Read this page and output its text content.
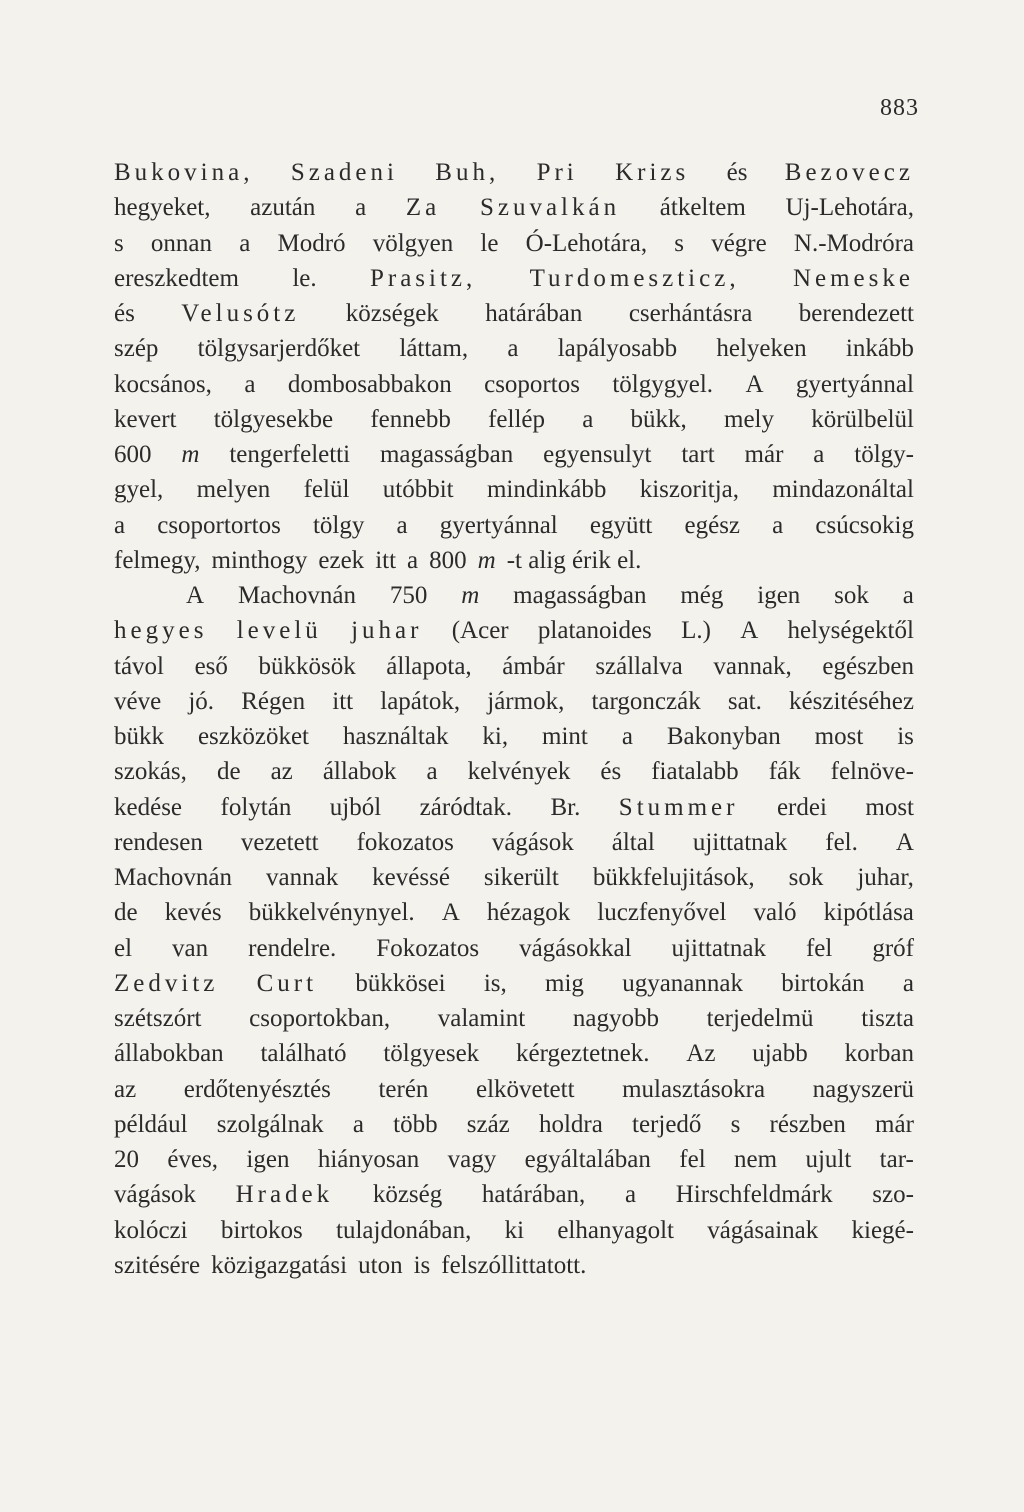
883
Bukovina, Szadeni Buh, Pri Krizs és Bezovecz
hegyeket, azután a Za Szuvalkán átkeltem Uj-Lehotára,
s onnan a Modró völgyen le Ó-Lehotára, s végre N.-Modróra
ereszkedtem le. Prasitz, Turdomeszticz, Nemeske
és Velusótz községek határában cserhántásra berendezett
szép tölgysarjerdőket láttam, a lapályosabb helyeken inkább
kocsános, a dombosabbakon csoportos tölgygyel. A gyertyánnal
kevert tölgyesekbe fennebb fellép a bükk, mely körülbelül
600 m tengerfeletti magasságban egyensulyt tart már a tölgy-
gyel, melyen felül utóbbit mindinkább kiszoritja, mindazonáltal
a csoportortos tölgy a gyertyánnal együtt egész a csúcsokig
felmegy, minthogy ezek itt a 800 m -t alig érik el.
A Machovnán 750 m magasságban még igen sok a
hegyes levelü juhar (Acer platanoides L.) A helységektől
távol eső bükkösök állapota, ámbár szállalva vannak, egészben
véve jó. Régen itt lapátok, jármok, targonczák sat. készitéséhez
bükk eszközöket használtak ki, mint a Bakonyban most is
szokás, de az állabok a kelvények és fiatalabb fák felnöve-
kedése folytán ujból záródtak. Br. Stummer erdei most
rendesen vezetett fokozatos vágások által ujittatnak fel. A
Machovnán vannak kevéssé sikerült bükkfelujitások, sok juhar,
de kevés bükkelvénynyel. A hézagok luczfenyővel való kipótlása
el van rendelre. Fokozatos vágásokkal ujittatnak fel gróf
Zedvitz Curt bükkösei is, mig ugyanannak birtokán a
szétszórt csoportokban, valamint nagyobb terjedelmü tiszta
állabokban található tölgyesek kérgeztetnek. Az ujabb korban
az erdőtenyésztés terén elkövetett mulasztásokra nagyszerü
például szolgálnak a több száz holdra terjedő s részben már
20 éves, igen hiányosan vagy egyáltalában fel nem ujult tar-
vágások Hradek község határában, a Hirschfeldmárk szo-
kolóczi birtokos tulajdonában, ki elhanyagolt vágásainak kiegé-
szitésére közigazgatási uton is felszóllittatott.
